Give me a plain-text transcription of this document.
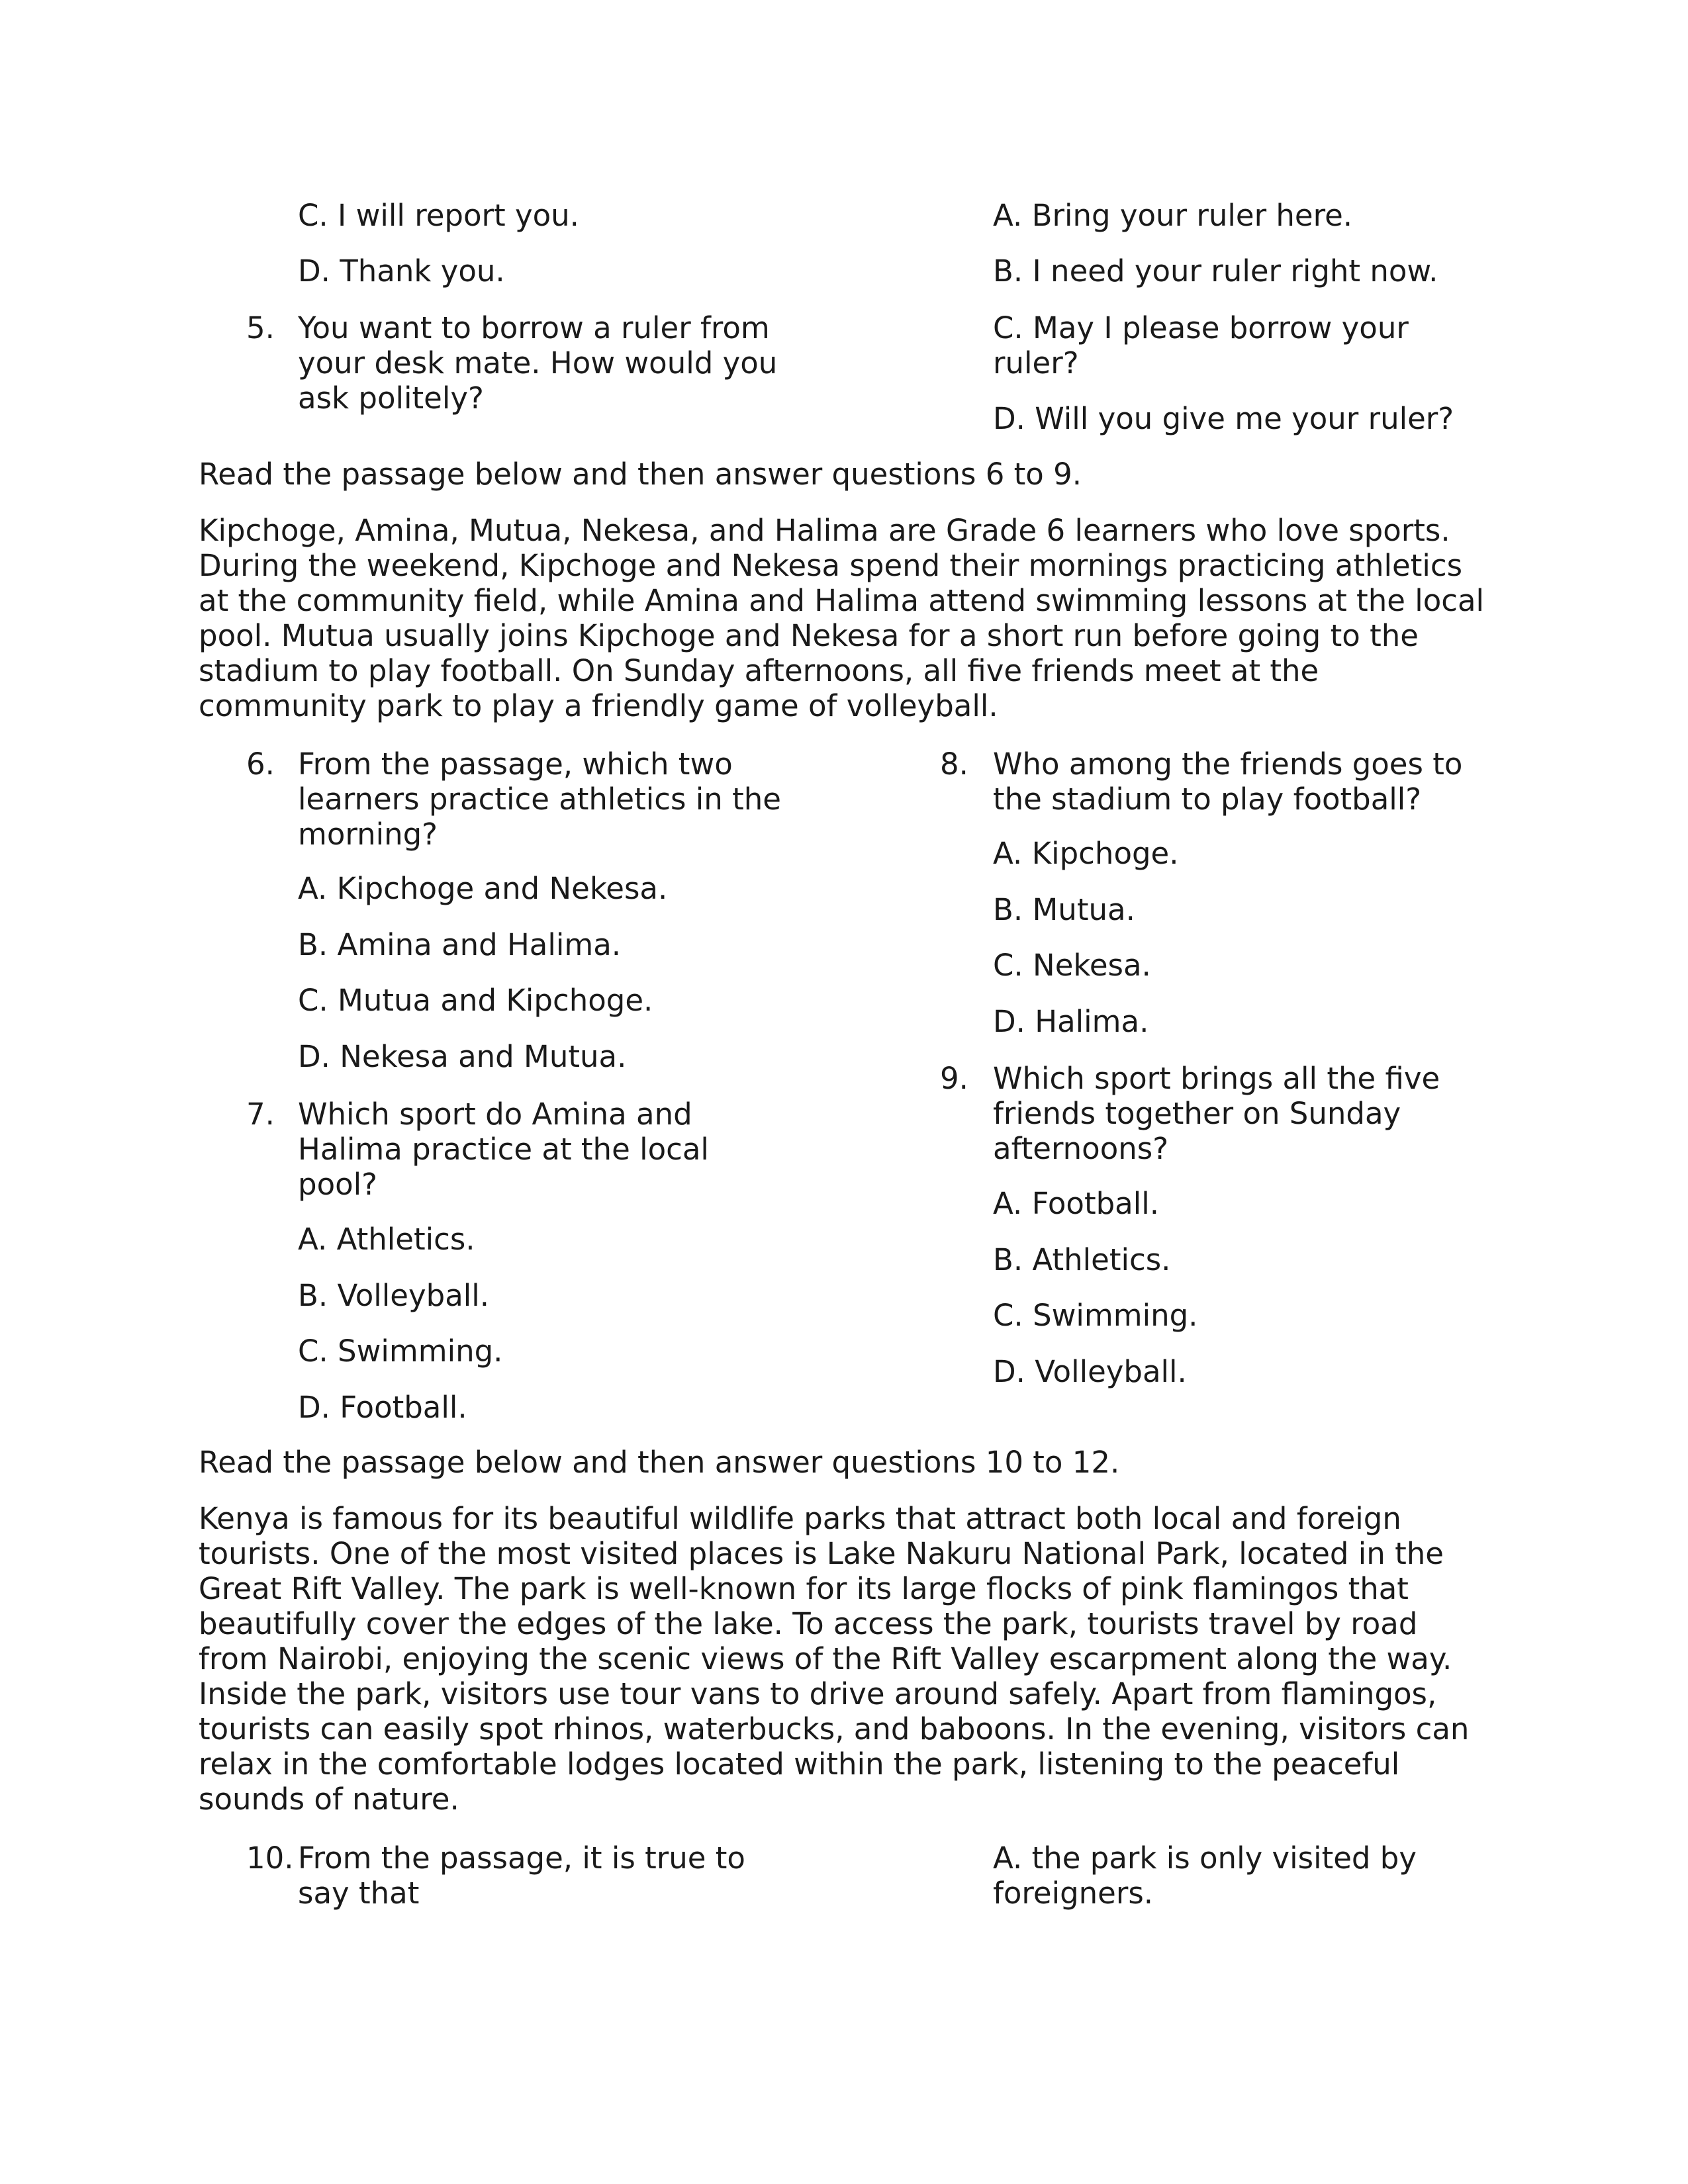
C. I will report you.

D. Thank you.

5. You want to borrow a ruler from your desk mate. How would you ask politely?

A. Bring your ruler here.

B. I need your ruler right now.

C. May I please borrow your ruler?

D. Will you give me your ruler?

Read the passage below and then answer questions 6 to 9.

Kipchoge, Amina, Mutua, Nekesa, and Halima are Grade 6 learners who love sports. During the weekend, Kipchoge and Nekesa spend their mornings practicing athletics at the community field, while Amina and Halima attend swimming lessons at the local pool. Mutua usually joins Kipchoge and Nekesa for a short run before going to the stadium to play football. On Sunday afternoons, all five friends meet at the community park to play a friendly game of volleyball.

6. From the passage, which two learners practice athletics in the morning?

A. Kipchoge and Nekesa.

B. Amina and Halima.

C. Mutua and Kipchoge.

D. Nekesa and Mutua.

7. Which sport do Amina and Halima practice at the local pool?

A. Athletics.

B. Volleyball.

C. Swimming.

D. Football.

8. Who among the friends goes to the stadium to play football?

A. Kipchoge.

B. Mutua.

C. Nekesa.

D. Halima.

9. Which sport brings all the five friends together on Sunday afternoons?

A. Football.

B. Athletics.

C. Swimming.

D. Volleyball.

Read the passage below and then answer questions 10 to 12.

Kenya is famous for its beautiful wildlife parks that attract both local and foreign tourists. One of the most visited places is Lake Nakuru National Park, located in the Great Rift Valley. The park is well-known for its large flocks of pink flamingos that beautifully cover the edges of the lake. To access the park, tourists travel by road from Nairobi, enjoying the scenic views of the Rift Valley escarpment along the way. Inside the park, visitors use tour vans to drive around safely. Apart from flamingos, tourists can easily spot rhinos, waterbucks, and baboons. In the evening, visitors can relax in the comfortable lodges located within the park, listening to the peaceful sounds of nature.

10. From the passage, it is true to say that

A. the park is only visited by foreigners.
